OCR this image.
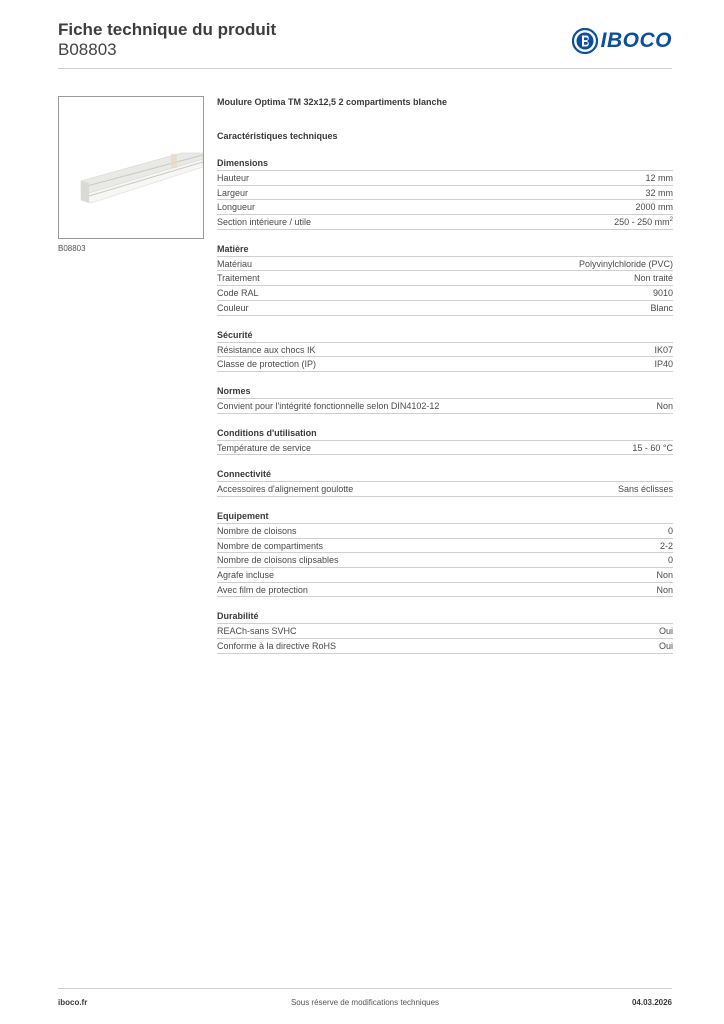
Fiche technique du produit
B08803	IBOCO
B08803
Moulure Optima TM 32x12,5 2 compartiments blanche
Caractéristiques techniques
Dimensions
Hauteur	12 mm
Largeur	32 mm
Longueur	2000 mm
Section intérieure / utile	250 - 250 $mm^2$
Matière
Matériau	Polyvinylchloride (PVC)
Traitement	Non traité
Code RAL	9010
Couleur	Blanc
Sécurité
Résistance aux chocs IK	IK07
Classe de protection (IP)	IP40
Normes
Convient pour l'intégrité fonctionnelle selon DIN4102-12	Non
Conditions d'utilisation
Température de service	15 - 60 °C
Connectivité
Accessoires d'alignement goulotte	Sans éclisses
Equipement
Nombre de cloisons	0
Nombre de compartiments	2-2
Nombre de cloisons clipsables	0
Agrafe incluse	Non
Avec film de protection	Non
Durabilité
REACh-sans SVHC	Oui
Conforme à la directive RoHS	Oui
iboco.fr	Sous réserve de modifications techniques	04.03.2026
